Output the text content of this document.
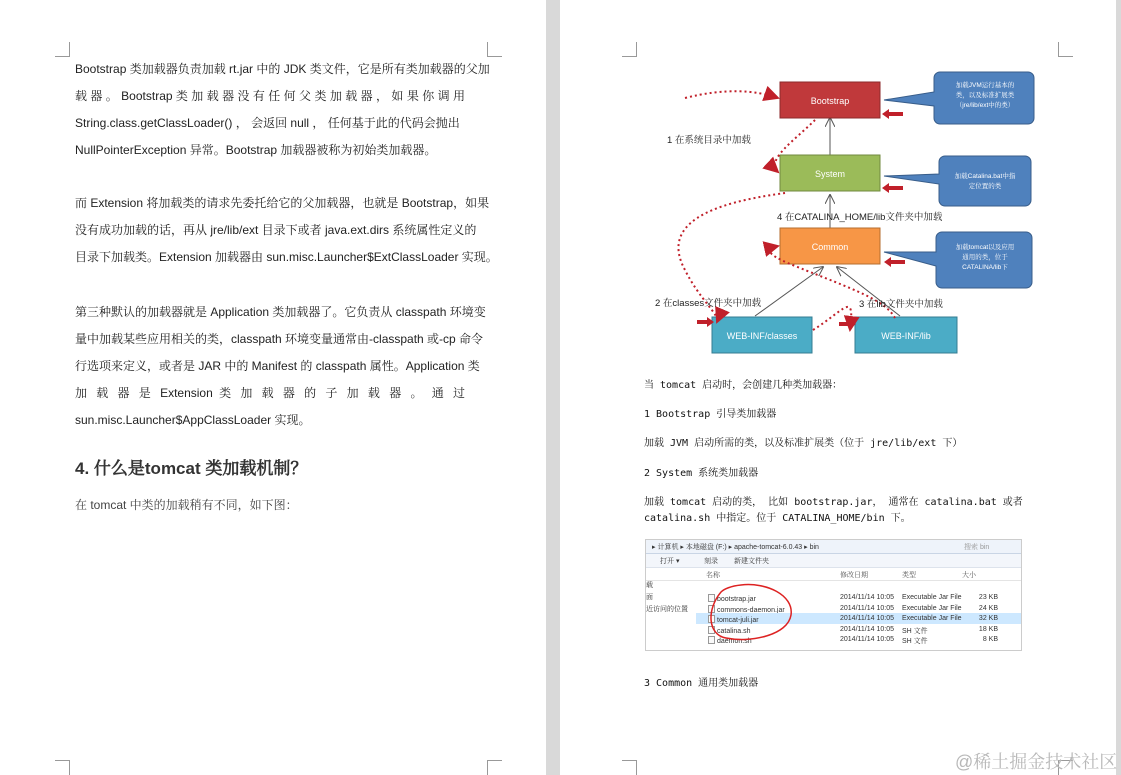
Bootstrap 类加载器负责加载 rt.jar 中的 JDK 类文件，它是所有类加载器的父加
载 器 。 Bootstrap 类 加 载 器 没 有 任 何 父 类 加 载 器 ， 如 果 你 调 用
String.class.getClassLoader() ， 会返回 null ， 任何基于此的代码会抛出
NullPointerException 异常。Bootstrap 加载器被称为初始类加载器。
而 Extension 将加载类的请求先委托给它的父加载器，也就是 Bootstrap，如果
没有成功加载的话，再从 jre/lib/ext 目录下或者 java.ext.dirs 系统属性定义的
目录下加载类。Extension 加载器由 sun.misc.Launcher$ExtClassLoader 实现。
第三种默认的加载器就是 Application 类加载器了。它负责从 classpath 环境变
量中加载某些应用相关的类，classpath 环境变量通常由-classpath 或-cp 命令
行选项来定义，或者是 JAR 中的 Manifest 的 classpath 属性。Application 类
加 载 器 是 Extension 类 加 载 器 的 子 加 载 器 。 通 过
sun.misc.Launcher$AppClassLoader 实现。
4. 什么是tomcat 类加载机制？
在 tomcat 中类的加载稍有不同，如下图：
Bootstrap
System
Common
WEB-INF/classes	WEB-INF/lib
加载JVM运行基本的
类，以及标准扩展类
（jre/lib/ext中的类）
加载Catalina.bat中指
定位置的类
加载tomcat以及应用
通用的类，位于
CATALINA/lib下
1 在系统目录中加载
4 在CATALINA_HOME/lib文件夹中加载
2 在classes文件夹中加载	3 在lib文件夹中加载
当 tomcat 启动时，会创建几种类加载器：
1 Bootstrap 引导类加载器
加载 JVM 启动所需的类，以及标准扩展类（位于 jre/lib/ext 下）
2 System 系统类加载器
加载 tomcat 启动的类， 比如 bootstrap.jar， 通常在 catalina.bat 或者
catalina.sh 中指定。位于 CATALINA_HOME/bin 下。
▸ 计算机 ▸ 本地磁盘 (F:) ▸ apache-tomcat-6.0.43 ▸ bin	搜索 bin
打开 ▾	刻录 新建文件夹
名称	修改日期	类型	大小
载
面
近访问的位置
bootstrap.jar	2014/11/14 10:05 Executable Jar File	23 KB
commons-daemon.jar	2014/11/14 10:05 Executable Jar File	24 KB
tomcat-juli.jar	2014/11/14 10:05 Executable Jar File	32 KB
catalina.sh	2014/11/14 10:05 SH 文件	18 KB
daemon.sh	2014/11/14 10:05 SH 文件	8 KB
3 Common 通用类加载器
@稀土掘金技术社区
